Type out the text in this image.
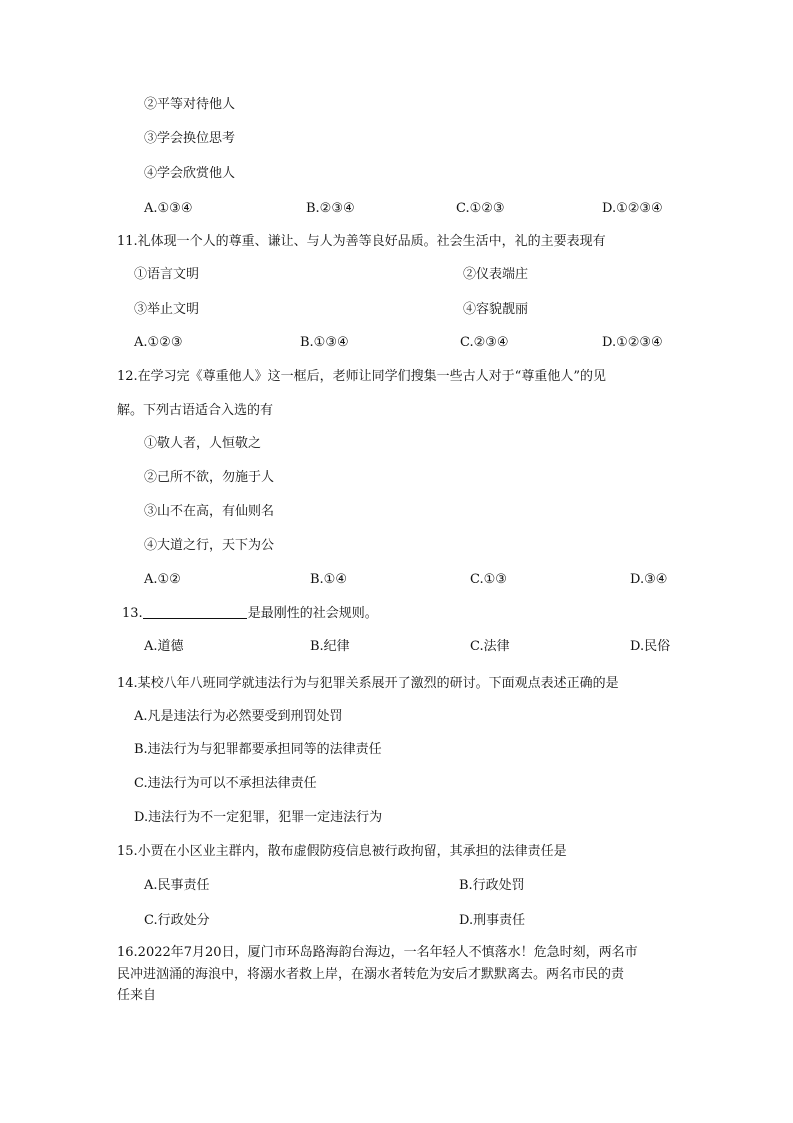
②平等对待他人
③学会换位思考
④学会欣赏他人
A.①③④	B.②③④	C.①②③	D.①②③④
11.礼体现一个人的尊重、谦让、与人为善等良好品质。社会生活中，礼的主要表现有
①语言文明	②仪表端庄
③举止文明	④容貌靓丽
A.①②③	B.①③④	C.②③④	D.①②③④
12.在学习完《尊重他人》这一框后，老师让同学们搜集一些古人对于“尊重他人”的见
解。下列古语适合入选的有
①敬人者，人恒敬之
②己所不欲，勿施于人
③山不在高，有仙则名
④大道之行，天下为公
A.①②	B.①④	C.①③	D.③④
13.	是最刚性的社会规则。
A.道德	B.纪律	C.法律	D.民俗
14.某校八年八班同学就违法行为与犯罪关系展开了激烈的研讨。下面观点表述正确的是
A.凡是违法行为必然要受到刑罚处罚
B.违法行为与犯罪都要承担同等的法律责任
C.违法行为可以不承担法律责任
D.违法行为不一定犯罪，犯罪一定违法行为
15.小贾在小区业主群内，散布虚假防疫信息被行政拘留，其承担的法律责任是
A.民事责任	B.行政处罚
C.行政处分	D.刑事责任
16.2022年7月20日，厦门市环岛路海韵台海边，一名年轻人不慎落水！危急时刻，两名市
民冲进汹涌的海浪中，将溺水者救上岸，在溺水者转危为安后才默默离去。两名市民的责
任来自
